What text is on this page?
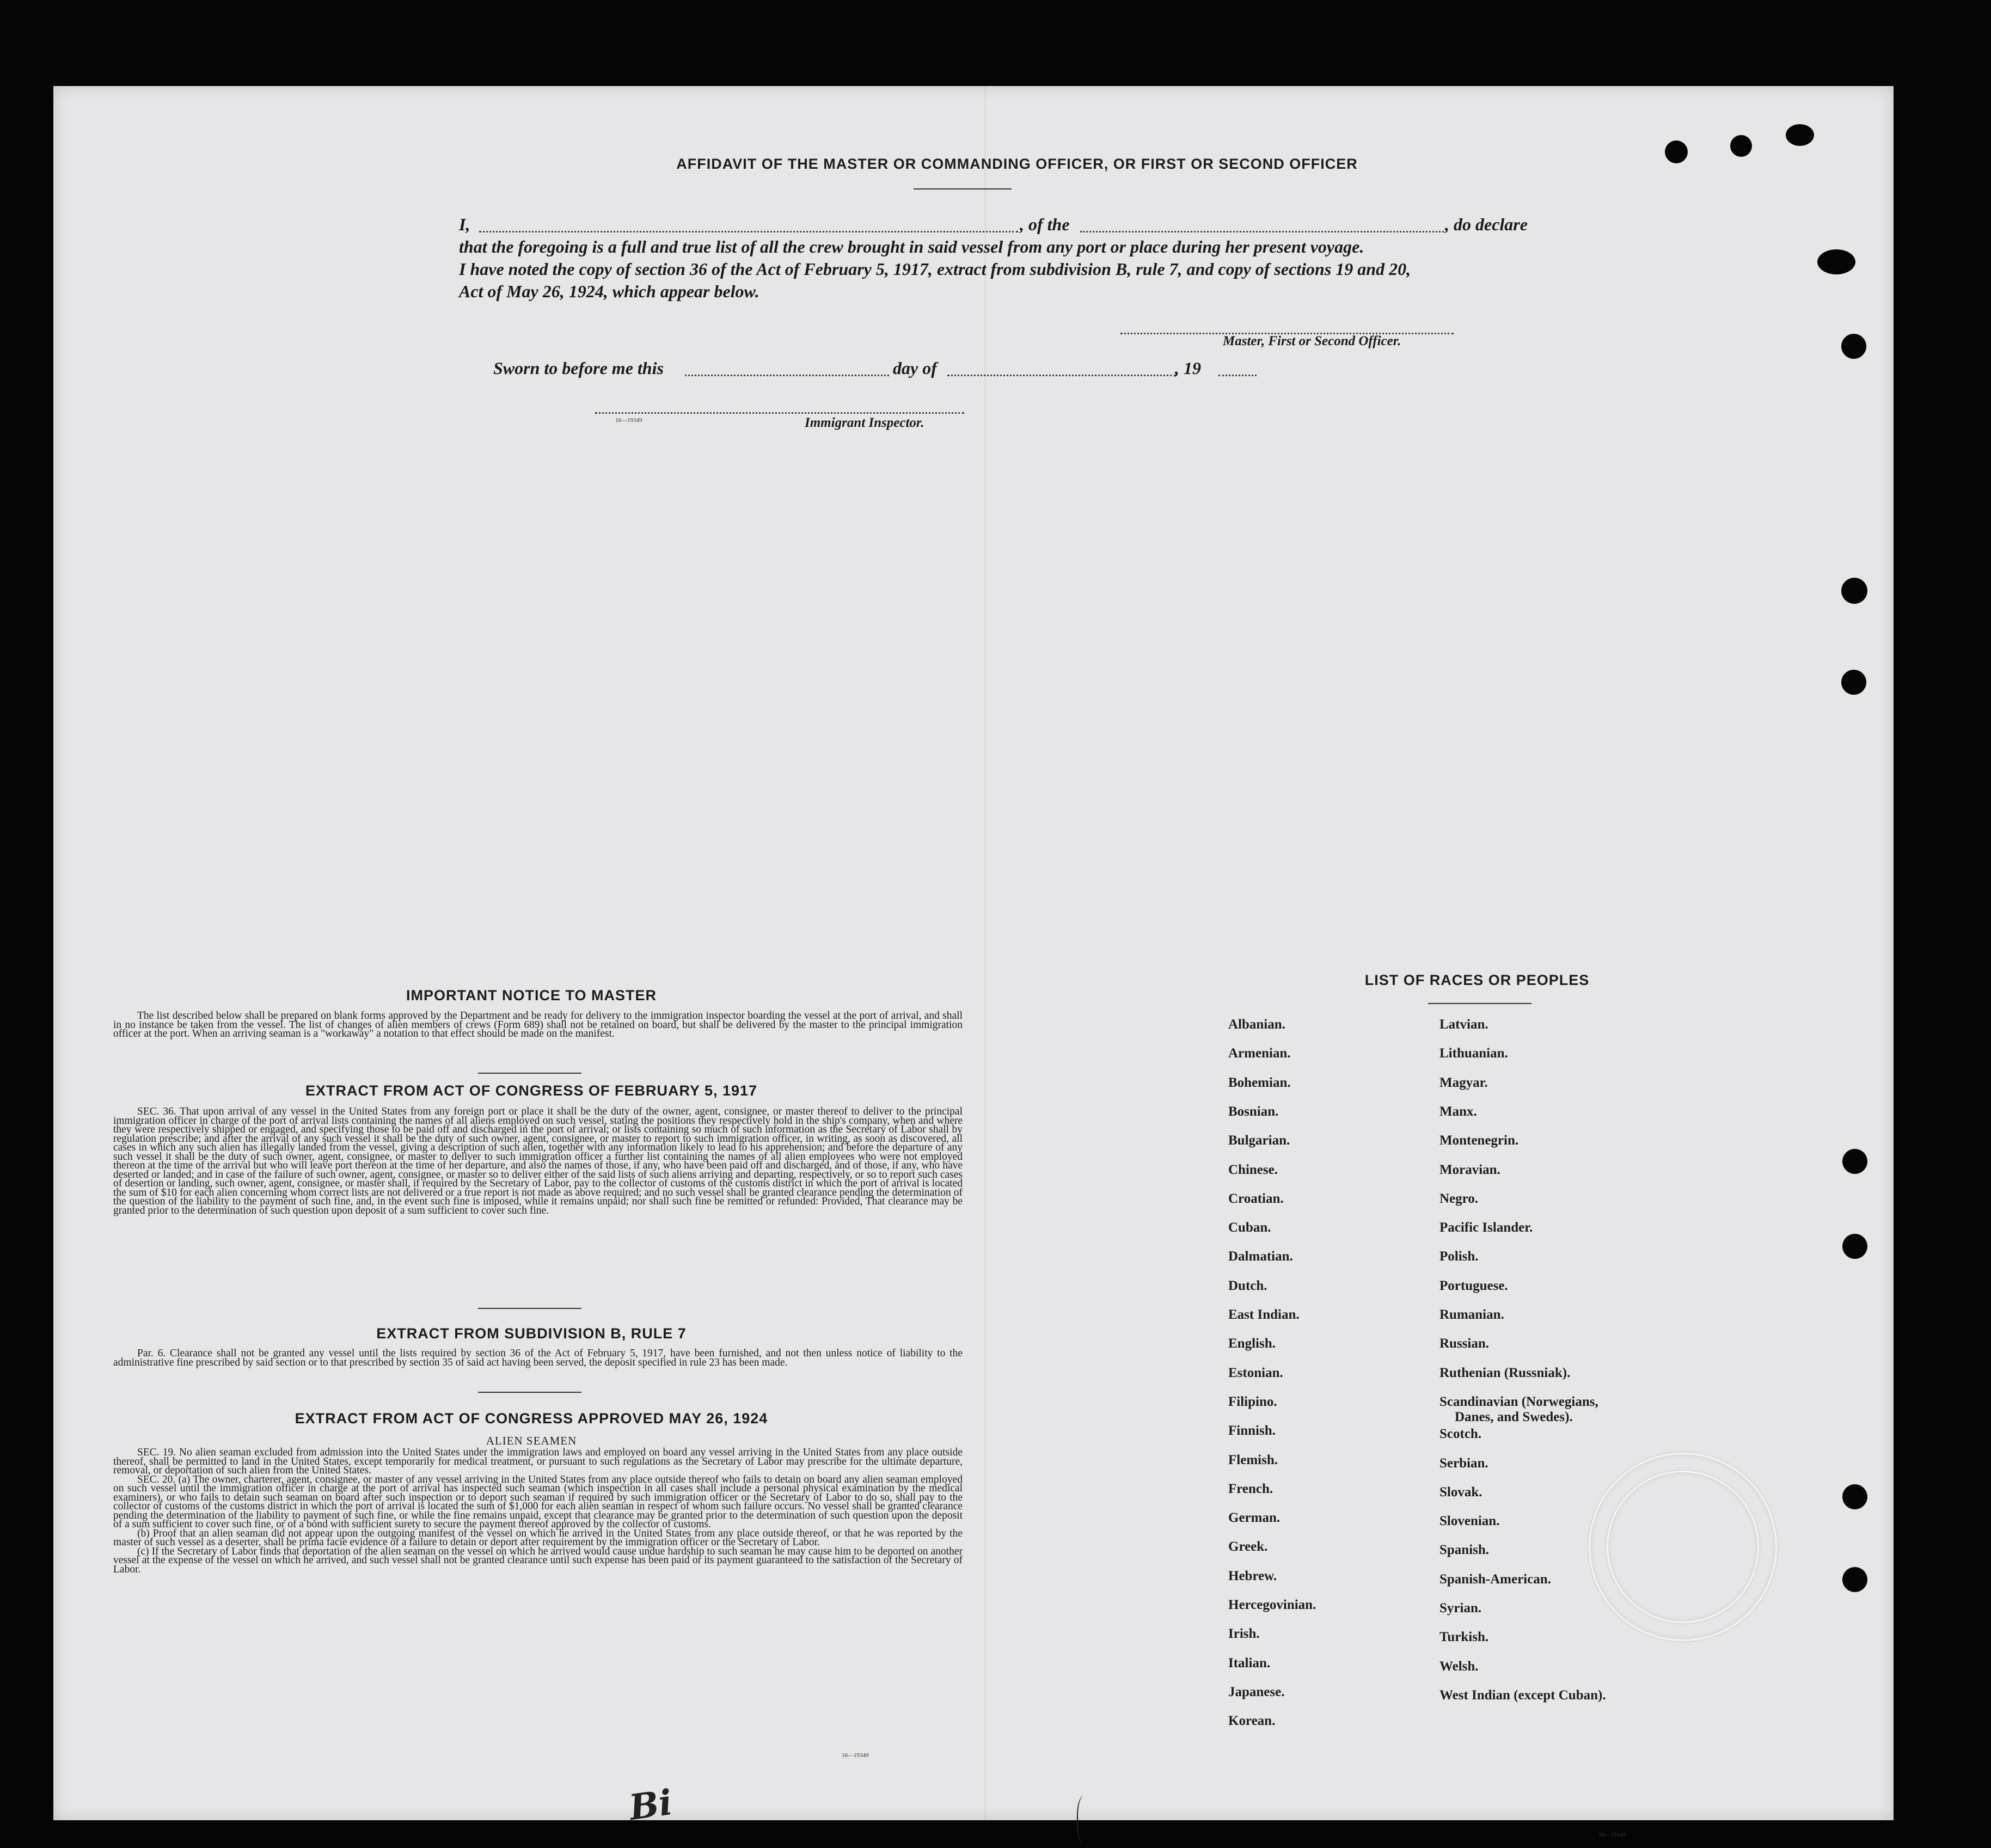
AFFIDAVIT OF THE MASTER OR COMMANDING OFFICER, OR FIRST OR SECOND OFFICER
I,	, of the	, do declare
that the foregoing is a full and true list of all the crew brought in said vessel from any port or place during her present voyage.
I have noted the copy of section 36 of the Act of February 5, 1917, extract from subdivision B, rule 7, and copy of sections 19 and 20,
Act of May 26, 1924, which appear below.
Master, First or Second Officer.
Sworn to before me this	day of	, 19
16—19349	Immigrant Inspector.
IMPORTANT NOTICE TO MASTER

The list described below shall be prepared on blank forms approved by the Department and be ready for delivery to the immigration inspector boarding the vessel at the port of arrival, and shall in no instance be taken from the vessel. The list of changes of alien members of crews (Form 689) shall not be retained on board, but shall be delivered by the master to the principal immigration officer at the port. When an arriving seaman is a "workaway" a notation to that effect should be made on the manifest.

EXTRACT FROM ACT OF CONGRESS OF FEBRUARY 5, 1917

SEC. 36. That upon arrival of any vessel in the United States from any foreign port or place it shall be the duty of the owner, agent, consignee, or master thereof to deliver to the principal immigration officer in charge of the port of arrival lists containing the names of all aliens employed on such vessel, stating the positions they respectively hold in the ship's company, when and where they were respectively shipped or engaged, and specifying those to be paid off and discharged in the port of arrival; or lists containing so much of such information as the Secretary of Labor shall by regulation prescribe; and after the arrival of any such vessel it shall be the duty of such owner, agent, consignee, or master to report to such immigration officer, in writing, as soon as discovered, all cases in which any such alien has illegally landed from the vessel, giving a description of such alien, together with any information likely to lead to his apprehension; and before the departure of any such vessel it shall be the duty of such owner, agent, consignee, or master to deliver to such immigration officer a further list containing the names of all alien employees who were not employed thereon at the time of the arrival but who will leave port thereon at the time of her departure, and also the names of those, if any, who have been paid off and discharged, and of those, if any, who have deserted or landed; and in case of the failure of such owner, agent, consignee, or master so to deliver either of the said lists of such aliens arriving and departing, respectively, or so to report such cases of desertion or landing, such owner, agent, consignee, or master shall, if required by the Secretary of Labor, pay to the collector of customs of the customs district in which the port of arrival is located the sum of $10 for each alien concerning whom correct lists are not delivered or a true report is not made as above required; and no such vessel shall be granted clearance pending the determination of the question of the liability to the payment of such fine, and, in the event such fine is imposed, while it remains unpaid; nor shall such fine be remitted or refunded: Provided, That clearance may be granted prior to the determination of such question upon deposit of a sum sufficient to cover such fine.

EXTRACT FROM SUBDIVISION B, RULE 7

Par. 6. Clearance shall not be granted any vessel until the lists required by section 36 of the Act of February 5, 1917, have been furnished, and not then unless notice of liability to the administrative fine prescribed by said section or to that prescribed by section 35 of said act having been served, the deposit specified in rule 23 has been made.

EXTRACT FROM ACT OF CONGRESS APPROVED MAY 26, 1924
ALIEN SEAMEN

SEC. 19. No alien seaman excluded from admission into the United States under the immigration laws and employed on board any vessel arriving in the United States from any place outside thereof, shall be permitted to land in the United States, except temporarily for medical treatment, or pursuant to such regulations as the Secretary of Labor may prescribe for the ultimate departure, removal, or deportation of such alien from the United States.

SEC. 20. (a) The owner, charterer, agent, consignee, or master of any vessel arriving in the United States from any place outside thereof who fails to detain on board any alien seaman employed on such vessel until the immigration officer in charge at the port of arrival has inspected such seaman (which inspection in all cases shall include a personal physical examination by the medical examiners), or who fails to detain such seaman on board after such inspection or to deport such seaman if required by such immigration officer or the Secretary of Labor to do so, shall pay to the collector of customs of the customs district in which the port of arrival is located the sum of $1,000 for each alien seaman in respect of whom such failure occurs. No vessel shall be granted clearance pending the determination of the liability to payment of such fine, or while the fine remains unpaid, except that clearance may be granted prior to the determination of such question upon the deposit of a sum sufficient to cover such fine, or of a bond with sufficient surety to secure the payment thereof approved by the collector of customs.

(b) Proof that an alien seaman did not appear upon the outgoing manifest of the vessel on which he arrived in the United States from any place outside thereof, or that he was reported by the master of such vessel as a deserter, shall be prima facie evidence of a failure to detain or deport after requirement by the immigration officer or the Secretary of Labor.

(c) If the Secretary of Labor finds that deportation of the alien seaman on the vessel on which he arrived would cause undue hardship to such seaman he may cause him to be deported on another vessel at the expense of the vessel on which he arrived, and such vessel shall not be granted clearance until such expense has been paid or its payment guaranteed to the satisfaction of the Secretary of Labor.

16—19349
Bi
LIST OF RACES OR PEOPLES
Albanian.
Armenian.
Bohemian.
Bosnian.
Bulgarian.
Chinese.
Croatian.
Cuban.
Dalmatian.
Dutch.
East Indian.
English.
Estonian.
Filipino.
Finnish.
Flemish.
French.
German.
Greek.
Hebrew.
Hercegovinian.
Irish.
Italian.
Japanese.
Korean.
Latvian.
Lithuanian.
Magyar.
Manx.
Montenegrin.
Moravian.
Negro.
Pacific Islander.
Polish.
Portuguese.
Rumanian.
Russian.
Ruthenian (Russniak).
Scandinavian (Norwegians,
Danes, and Swedes).
Scotch.
Serbian.
Slovak.
Slovenian.
Spanish.
Spanish-American.
Syrian.
Turkish.
Welsh.
West Indian (except Cuban).
16—19349
